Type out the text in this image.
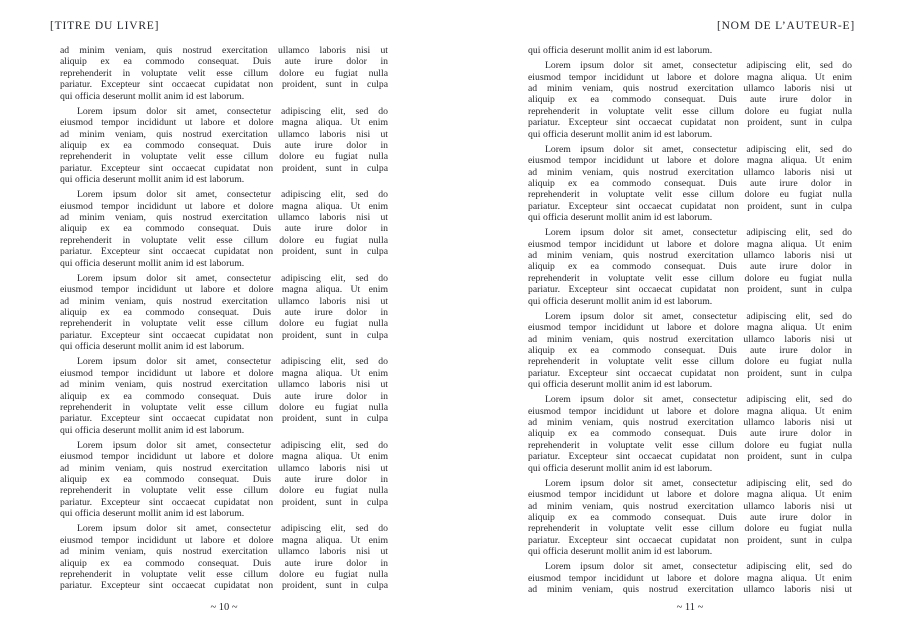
[TITRE DU LIVRE]	[NOM DE L’AUTEUR-E]
ad minim veniam, quis nostrud exercitation ullamco laboris nisi ut
aliquip ex ea commodo consequat. Duis aute irure dolor in
reprehenderit in voluptate velit esse cillum dolore eu fugiat nulla
pariatur. Excepteur sint occaecat cupidatat non proident, sunt in culpa
qui officia deserunt mollit anim id est laborum.
Lorem ipsum dolor sit amet, consectetur adipiscing elit, sed do
eiusmod tempor incididunt ut labore et dolore magna aliqua. Ut enim
ad minim veniam, quis nostrud exercitation ullamco laboris nisi ut
aliquip ex ea commodo consequat. Duis aute irure dolor in
reprehenderit in voluptate velit esse cillum dolore eu fugiat nulla
pariatur. Excepteur sint occaecat cupidatat non proident, sunt in culpa
qui officia deserunt mollit anim id est laborum.
Lorem ipsum dolor sit amet, consectetur adipiscing elit, sed do
eiusmod tempor incididunt ut labore et dolore magna aliqua. Ut enim
ad minim veniam, quis nostrud exercitation ullamco laboris nisi ut
aliquip ex ea commodo consequat. Duis aute irure dolor in
reprehenderit in voluptate velit esse cillum dolore eu fugiat nulla
pariatur. Excepteur sint occaecat cupidatat non proident, sunt in culpa
qui officia deserunt mollit anim id est laborum.
Lorem ipsum dolor sit amet, consectetur adipiscing elit, sed do
eiusmod tempor incididunt ut labore et dolore magna aliqua. Ut enim
ad minim veniam, quis nostrud exercitation ullamco laboris nisi ut
aliquip ex ea commodo consequat. Duis aute irure dolor in
reprehenderit in voluptate velit esse cillum dolore eu fugiat nulla
pariatur. Excepteur sint occaecat cupidatat non proident, sunt in culpa
qui officia deserunt mollit anim id est laborum.
Lorem ipsum dolor sit amet, consectetur adipiscing elit, sed do
eiusmod tempor incididunt ut labore et dolore magna aliqua. Ut enim
ad minim veniam, quis nostrud exercitation ullamco laboris nisi ut
aliquip ex ea commodo consequat. Duis aute irure dolor in
reprehenderit in voluptate velit esse cillum dolore eu fugiat nulla
pariatur. Excepteur sint occaecat cupidatat non proident, sunt in culpa
qui officia deserunt mollit anim id est laborum.
Lorem ipsum dolor sit amet, consectetur adipiscing elit, sed do
eiusmod tempor incididunt ut labore et dolore magna aliqua. Ut enim
ad minim veniam, quis nostrud exercitation ullamco laboris nisi ut
aliquip ex ea commodo consequat. Duis aute irure dolor in
reprehenderit in voluptate velit esse cillum dolore eu fugiat nulla
pariatur. Excepteur sint occaecat cupidatat non proident, sunt in culpa
qui officia deserunt mollit anim id est laborum.
Lorem ipsum dolor sit amet, consectetur adipiscing elit, sed do
eiusmod tempor incididunt ut labore et dolore magna aliqua. Ut enim
ad minim veniam, quis nostrud exercitation ullamco laboris nisi ut
aliquip ex ea commodo consequat. Duis aute irure dolor in
reprehenderit in voluptate velit esse cillum dolore eu fugiat nulla
pariatur. Excepteur sint occaecat cupidatat non proident, sunt in culpa
qui officia deserunt mollit anim id est laborum.
Lorem ipsum dolor sit amet, consectetur adipiscing elit, sed do
eiusmod tempor incididunt ut labore et dolore magna aliqua. Ut enim
ad minim veniam, quis nostrud exercitation ullamco laboris nisi ut
aliquip ex ea commodo consequat. Duis aute irure dolor in
reprehenderit in voluptate velit esse cillum dolore eu fugiat nulla
pariatur. Excepteur sint occaecat cupidatat non proident, sunt in culpa
qui officia deserunt mollit anim id est laborum.
Lorem ipsum dolor sit amet, consectetur adipiscing elit, sed do
eiusmod tempor incididunt ut labore et dolore magna aliqua. Ut enim
ad minim veniam, quis nostrud exercitation ullamco laboris nisi ut
aliquip ex ea commodo consequat. Duis aute irure dolor in
reprehenderit in voluptate velit esse cillum dolore eu fugiat nulla
pariatur. Excepteur sint occaecat cupidatat non proident, sunt in culpa
qui officia deserunt mollit anim id est laborum.
Lorem ipsum dolor sit amet, consectetur adipiscing elit, sed do
eiusmod tempor incididunt ut labore et dolore magna aliqua. Ut enim
ad minim veniam, quis nostrud exercitation ullamco laboris nisi ut
aliquip ex ea commodo consequat. Duis aute irure dolor in
reprehenderit in voluptate velit esse cillum dolore eu fugiat nulla
pariatur. Excepteur sint occaecat cupidatat non proident, sunt in culpa
qui officia deserunt mollit anim id est laborum.
Lorem ipsum dolor sit amet, consectetur adipiscing elit, sed do
eiusmod tempor incididunt ut labore et dolore magna aliqua. Ut enim
ad minim veniam, quis nostrud exercitation ullamco laboris nisi ut
aliquip ex ea commodo consequat. Duis aute irure dolor in
reprehenderit in voluptate velit esse cillum dolore eu fugiat nulla
pariatur. Excepteur sint occaecat cupidatat non proident, sunt in culpa
qui officia deserunt mollit anim id est laborum.
Lorem ipsum dolor sit amet, consectetur adipiscing elit, sed do
eiusmod tempor incididunt ut labore et dolore magna aliqua. Ut enim
ad minim veniam, quis nostrud exercitation ullamco laboris nisi ut
aliquip ex ea commodo consequat. Duis aute irure dolor in
reprehenderit in voluptate velit esse cillum dolore eu fugiat nulla
pariatur. Excepteur sint occaecat cupidatat non proident, sunt in culpa
qui officia deserunt mollit anim id est laborum.
Lorem ipsum dolor sit amet, consectetur adipiscing elit, sed do
eiusmod tempor incididunt ut labore et dolore magna aliqua. Ut enim
ad minim veniam, quis nostrud exercitation ullamco laboris nisi ut
aliquip ex ea commodo consequat. Duis aute irure dolor in
reprehenderit in voluptate velit esse cillum dolore eu fugiat nulla
pariatur. Excepteur sint occaecat cupidatat non proident, sunt in culpa
qui officia deserunt mollit anim id est laborum.
Lorem ipsum dolor sit amet, consectetur adipiscing elit, sed do
eiusmod tempor incididunt ut labore et dolore magna aliqua. Ut enim
ad minim veniam, quis nostrud exercitation ullamco laboris nisi ut
~ 10 ~	~ 11 ~
